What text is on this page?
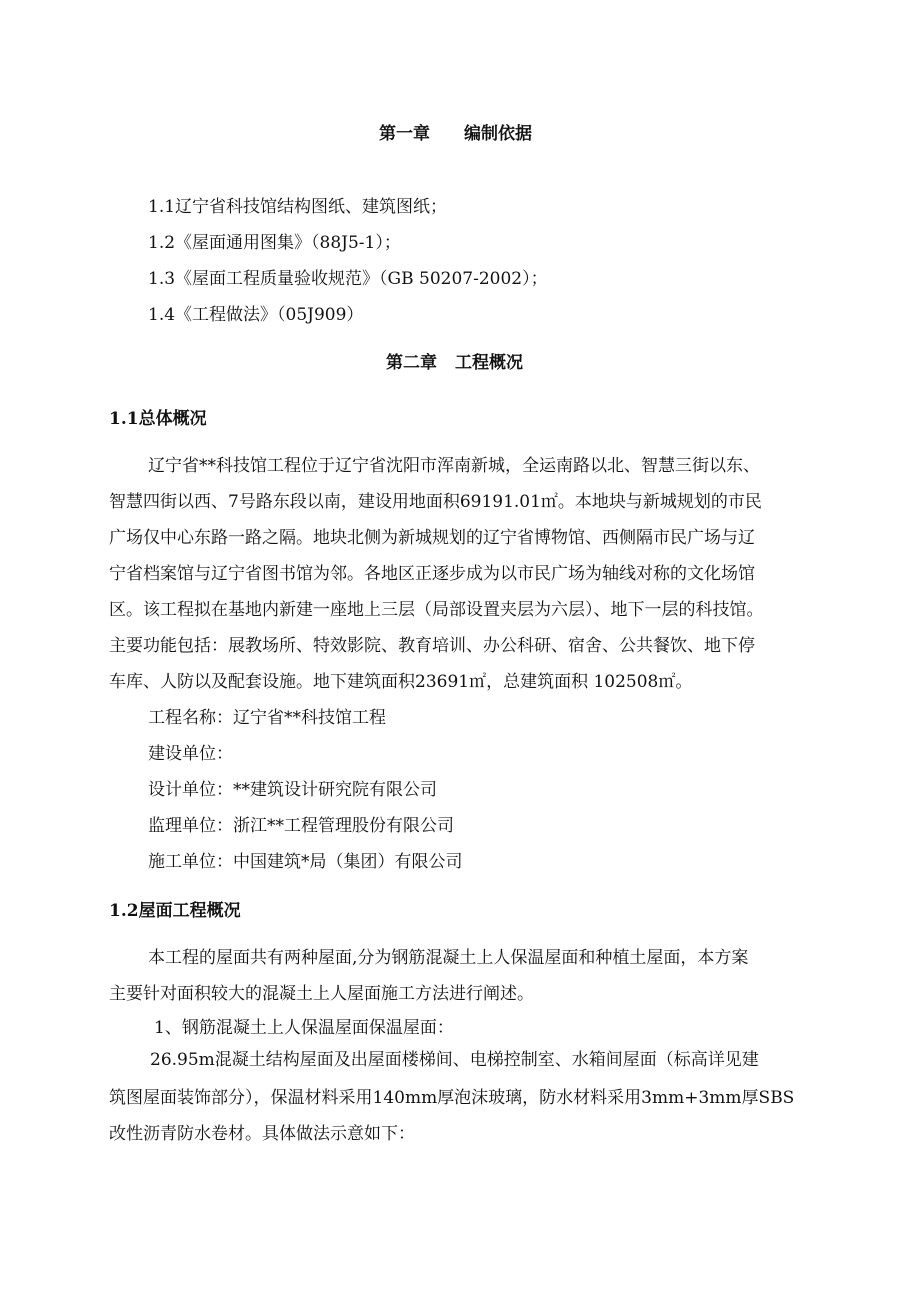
第一章 编制依据
1.1辽宁省科技馆结构图纸、建筑图纸；
1.2《屋面通用图集》（88J5-1）；
1.3《屋面工程质量验收规范》（GB 50207-2002）；
1.4《工程做法》（05J909）
第二章 工程概况
1.1总体概况
辽宁省**科技馆工程位于辽宁省沈阳市浑南新城，全运南路以北、智慧三街以东、
智慧四街以西、7号路东段以南，建设用地面积69191.01㎡。本地块与新城规划的市民
广场仅中心东路一路之隔。地块北侧为新城规划的辽宁省博物馆、西侧隔市民广场与辽
宁省档案馆与辽宁省图书馆为邻。各地区正逐步成为以市民广场为轴线对称的文化场馆
区。该工程拟在基地内新建一座地上三层（局部设置夹层为六层）、地下一层的科技馆。
主要功能包括：展教场所、特效影院、教育培训、办公科研、宿舍、公共餐饮、地下停
车库、人防以及配套设施。地下建筑面积23691㎡，总建筑面积 102508㎡。
工程名称：辽宁省**科技馆工程
建设单位：
设计单位：**建筑设计研究院有限公司
监理单位：浙江**工程管理股份有限公司
施工单位：中国建筑*局（集团）有限公司
1.2屋面工程概况
本工程的屋面共有两种屋面,分为钢筋混凝土上人保温屋面和种植土屋面，本方案
主要针对面积较大的混凝土上人屋面施工方法进行阐述。
1、钢筋混凝土上人保温屋面保温屋面：
26.95m混凝土结构屋面及出屋面楼梯间、电梯控制室、水箱间屋面（标高详见建
筑图屋面装饰部分），保温材料采用140mm厚泡沫玻璃，防水材料采用3mm+3mm厚SBS
改性沥青防水卷材。具体做法示意如下：
